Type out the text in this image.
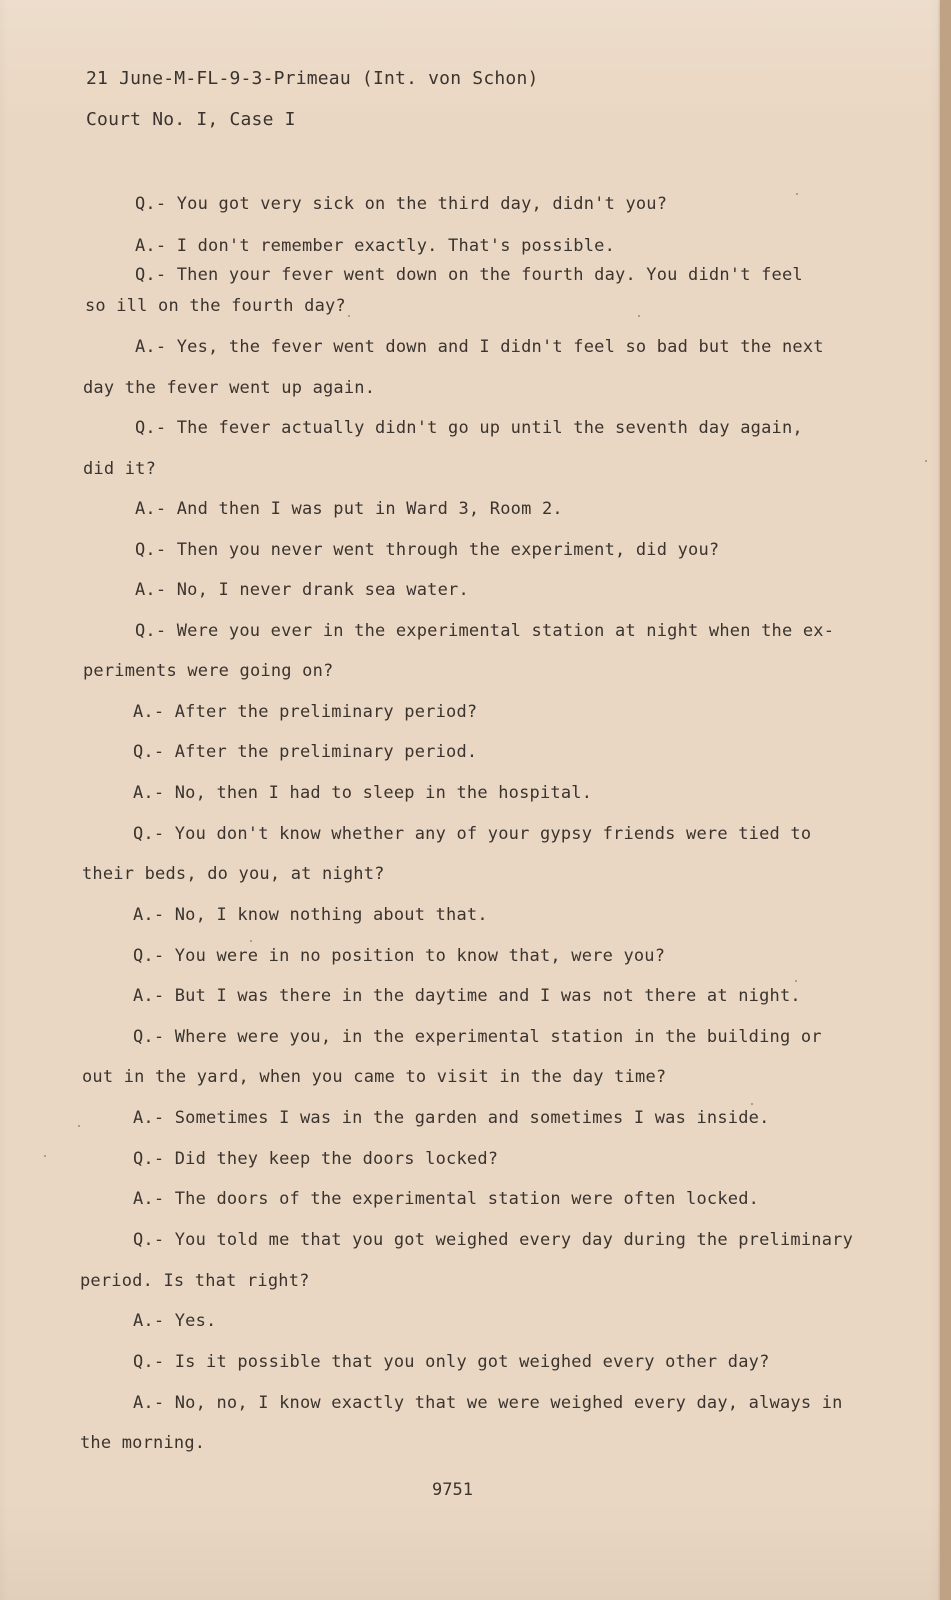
21 June-M-FL-9-3-Primeau (Int. von Schon)
Court No. I, Case I
Q.- You got very sick on the third day, didn't you?
A.- I don't remember exactly. That's possible.
Q.- Then your fever went down on the fourth day. You didn't feel
so ill on the fourth day?
A.- Yes, the fever went down and I didn't feel so bad but the next
day the fever went up again.
Q.- The fever actually didn't go up until the seventh day again,
did it?
A.- And then I was put in Ward 3, Room 2.
Q.- Then you never went through the experiment, did you?
A.- No, I never drank sea water.
Q.- Were you ever in the experimental station at night when the ex-
periments were going on?
A.- After the preliminary period?
Q.- After the preliminary period.
A.- No, then I had to sleep in the hospital.
Q.- You don't know whether any of your gypsy friends were tied to
their beds, do you, at night?
A.- No, I know nothing about that.
Q.- You were in no position to know that, were you?
A.- But I was there in the daytime and I was not there at night.
Q.- Where were you, in the experimental station in the building or
out in the yard, when you came to visit in the day time?
A.- Sometimes I was in the garden and sometimes I was inside.
Q.- Did they keep the doors locked?
A.- The doors of the experimental station were often locked.
Q.- You told me that you got weighed every day during the preliminary
period. Is that right?
A.- Yes.
Q.- Is it possible that you only got weighed every other day?
A.- No, no, I know exactly that we were weighed every day, always in
the morning.
9751
